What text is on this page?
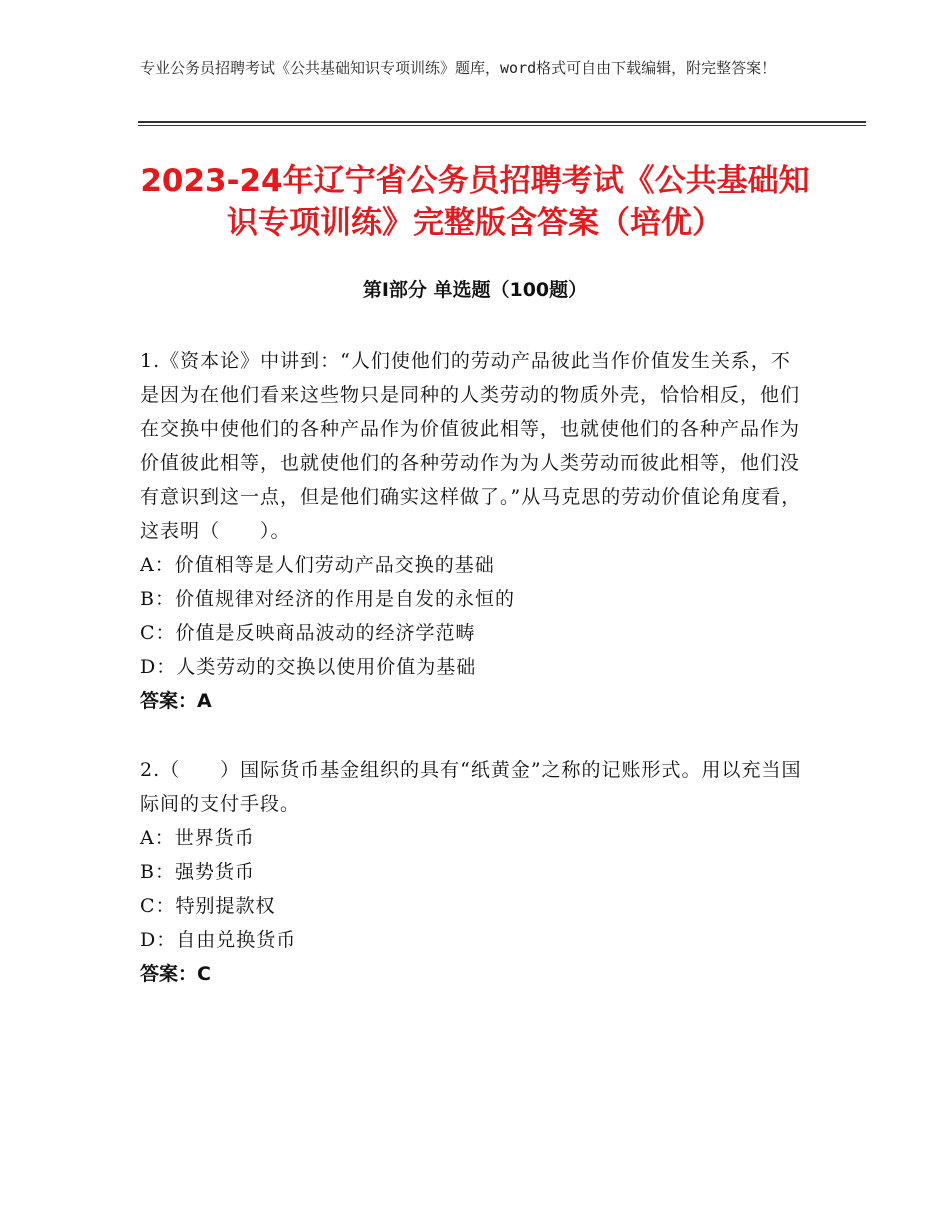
专业公务员招聘考试《公共基础知识专项训练》题库，word格式可自由下载编辑，附完整答案！
2023-24年辽宁省公务员招聘考试《公共基础知识专项训练》完整版含答案（培优）
第Ⅰ部分 单选题（100题）

1.《资本论》中讲到：“人们使他们的劳动产品彼此当作价值发生关系，不是因为在他们看来这些物只是同种的人类劳动的物质外壳，恰恰相反，他们在交换中使他们的各种产品作为价值彼此相等，也就使他们的各种产品作为价值彼此相等，也就使他们的各种劳动作为为人类劳动而彼此相等，他们没有意识到这一点，但是他们确实这样做了。”从马克思的劳动价值论角度看，这表明（　　）。

A：价值相等是人们劳动产品交换的基础

B：价值规律对经济的作用是自发的永恒的

C：价值是反映商品波动的经济学范畴

D：人类劳动的交换以使用价值为基础

答案：A

2.（　　）国际货币基金组织的具有“纸黄金”之称的记账形式。用以充当国际间的支付手段。

A：世界货币

B：强势货币

C：特别提款权

D：自由兑换货币

答案：C
